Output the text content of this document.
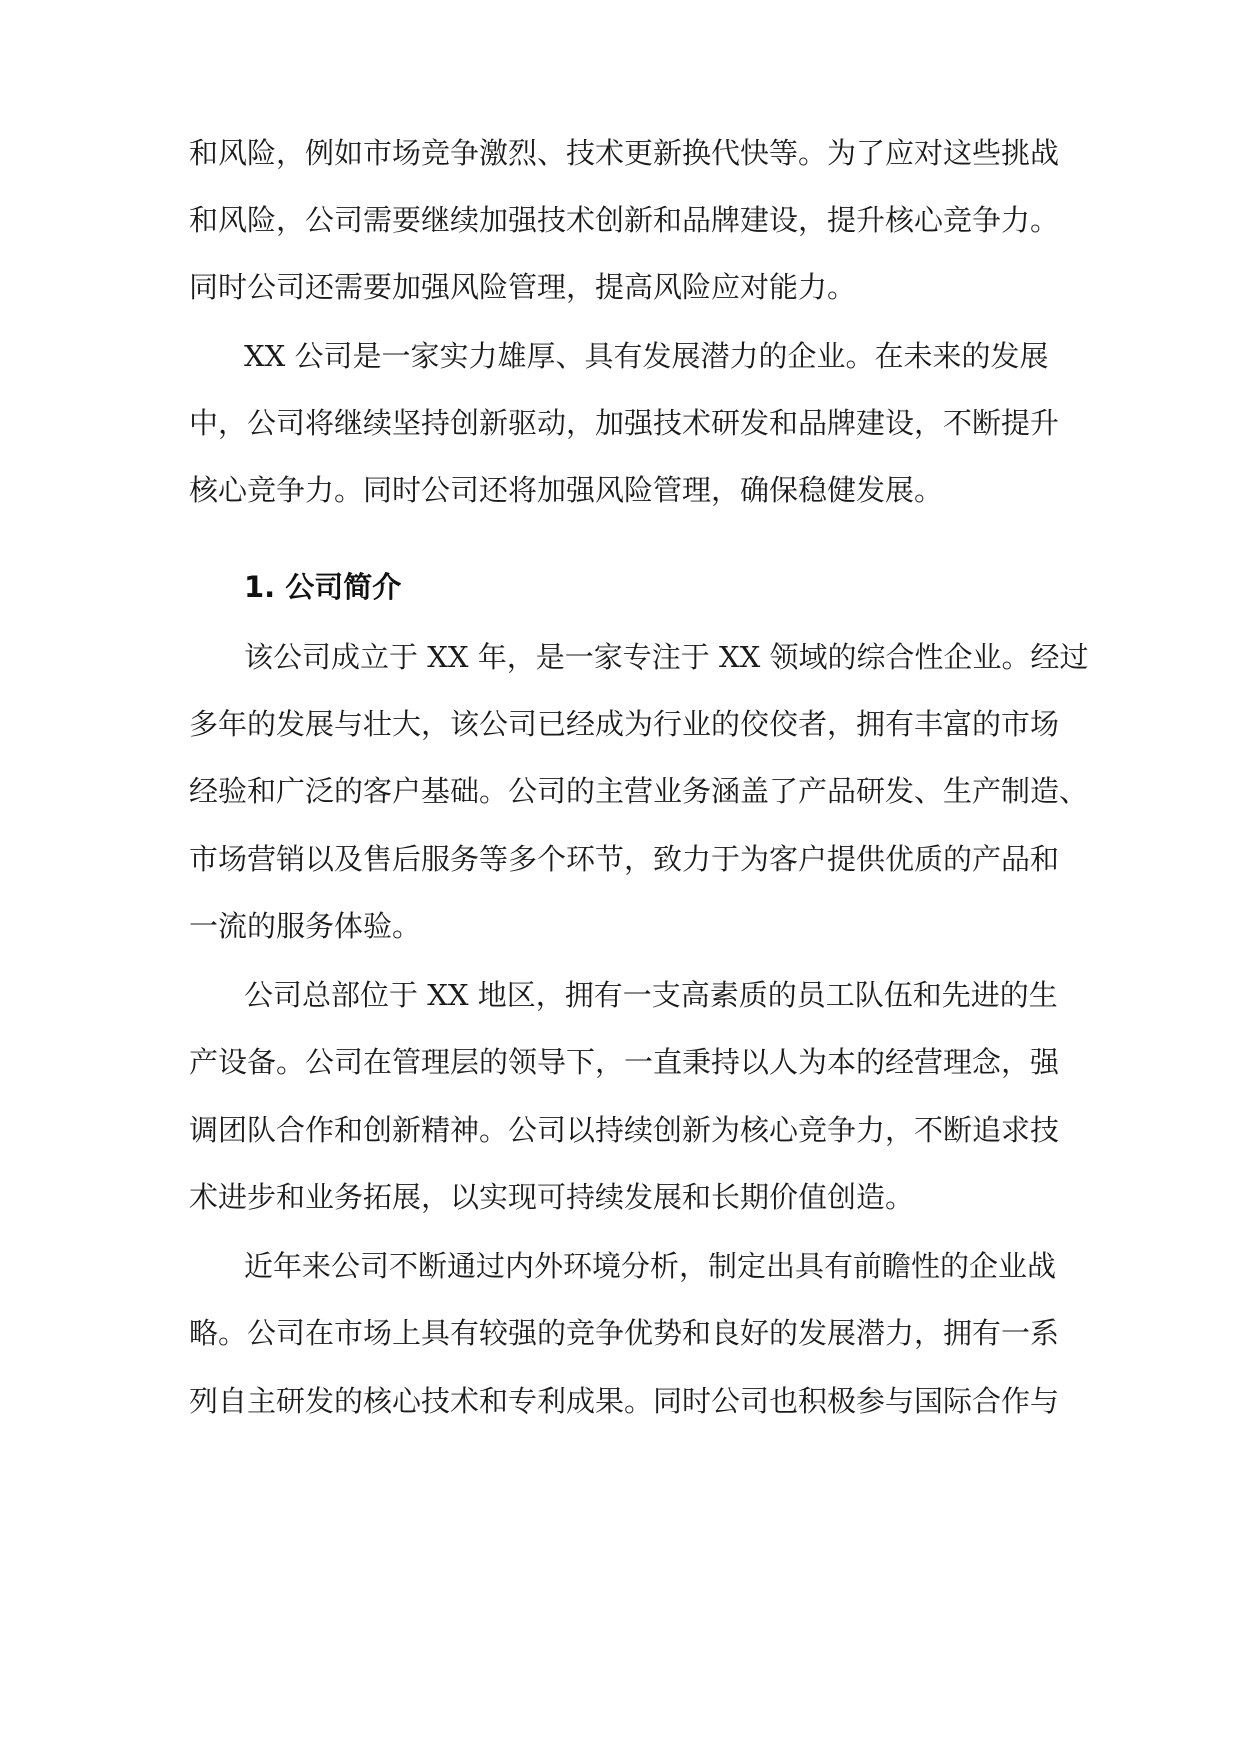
和风险，例如市场竞争激烈、技术更新换代快等。为了应对这些挑战
和风险，公司需要继续加强技术创新和品牌建设，提升核心竞争力。
同时公司还需要加强风险管理，提高风险应对能力。
XX 公司是一家实力雄厚、具有发展潜力的企业。在未来的发展
中，公司将继续坚持创新驱动，加强技术研发和品牌建设，不断提升
核心竞争力。同时公司还将加强风险管理，确保稳健发展。
1. 公司简介
该公司成立于 XX 年，是一家专注于 XX 领域的综合性企业。经过
多年的发展与壮大，该公司已经成为行业的佼佼者，拥有丰富的市场
经验和广泛的客户基础。公司的主营业务涵盖了产品研发、生产制造、
市场营销以及售后服务等多个环节，致力于为客户提供优质的产品和
一流的服务体验。
公司总部位于 XX 地区，拥有一支高素质的员工队伍和先进的生
产设备。公司在管理层的领导下，一直秉持以人为本的经营理念，强
调团队合作和创新精神。公司以持续创新为核心竞争力，不断追求技
术进步和业务拓展，以实现可持续发展和长期价值创造。
近年来公司不断通过内外环境分析，制定出具有前瞻性的企业战
略。公司在市场上具有较强的竞争优势和良好的发展潜力，拥有一系
列自主研发的核心技术和专利成果。同时公司也积极参与国际合作与
